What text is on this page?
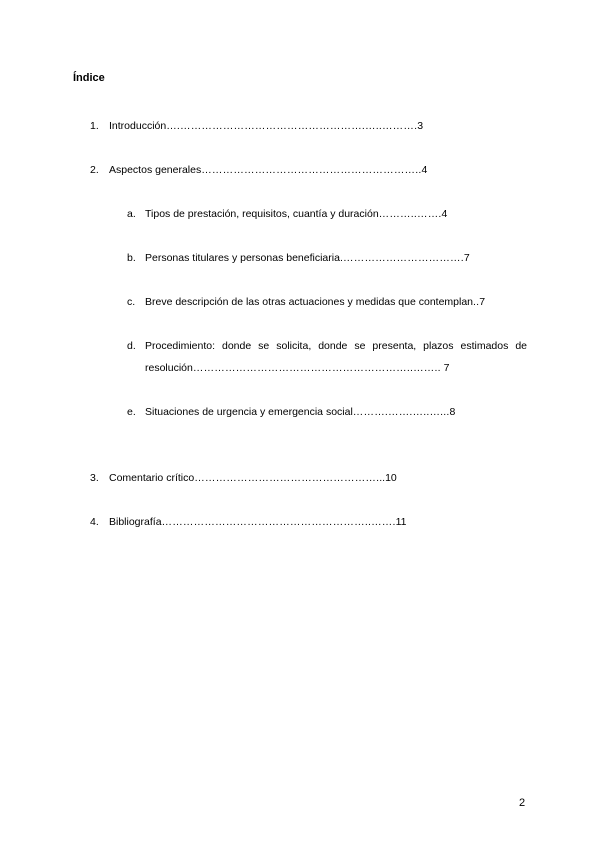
Índice
1. Introducción….…………………………………………….…..……….3
2. Aspectos generales……………………………………………………..4
a. Tipos de prestación, requisitos, cuantía y duración………..…….4
b. Personas titulares y personas beneficiaria.…………………………….7
c. Breve descripción de las otras actuaciones y medidas que contemplan..7
d. Procedimiento: donde se solicita, donde se presenta, plazos estimados de
resolución……………………………………………………..…….. 7
e. Situaciones de urgencia y emergencia social……….…….…..…...8
3. Comentario crítico……………………………………………...10
4. Bibliografía…………………………………………………..…….11
2
